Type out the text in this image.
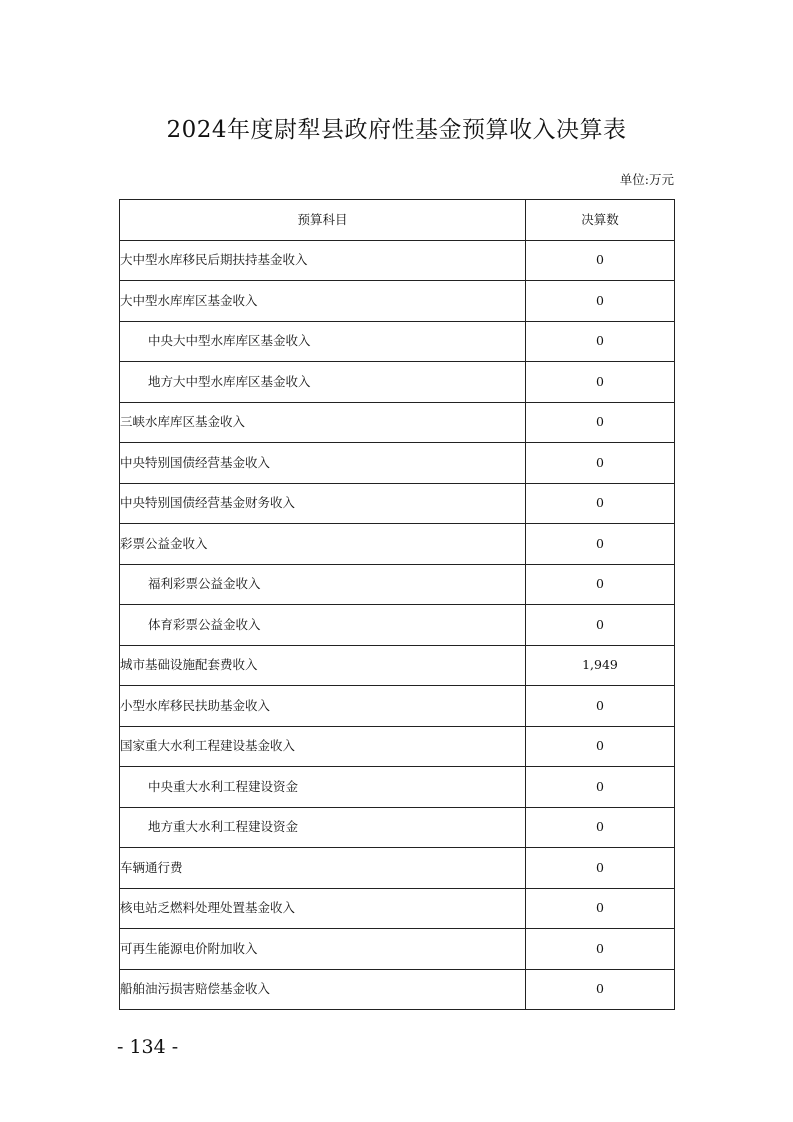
2024年度尉犁县政府性基金预算收入决算表
单位:万元
预算科目	决算数
大中型水库移民后期扶持基金收入	0
大中型水库库区基金收入	0
中央大中型水库库区基金收入	0
地方大中型水库库区基金收入	0
三峡水库库区基金收入	0
中央特别国债经营基金收入	0
中央特别国债经营基金财务收入	0
彩票公益金收入	0
福利彩票公益金收入	0
体育彩票公益金收入	0
城市基础设施配套费收入	1,949
小型水库移民扶助基金收入	0
国家重大水利工程建设基金收入	0
中央重大水利工程建设资金	0
地方重大水利工程建设资金	0
车辆通行费	0
核电站乏燃料处理处置基金收入	0
可再生能源电价附加收入	0
船舶油污损害赔偿基金收入	0
- 134 -
